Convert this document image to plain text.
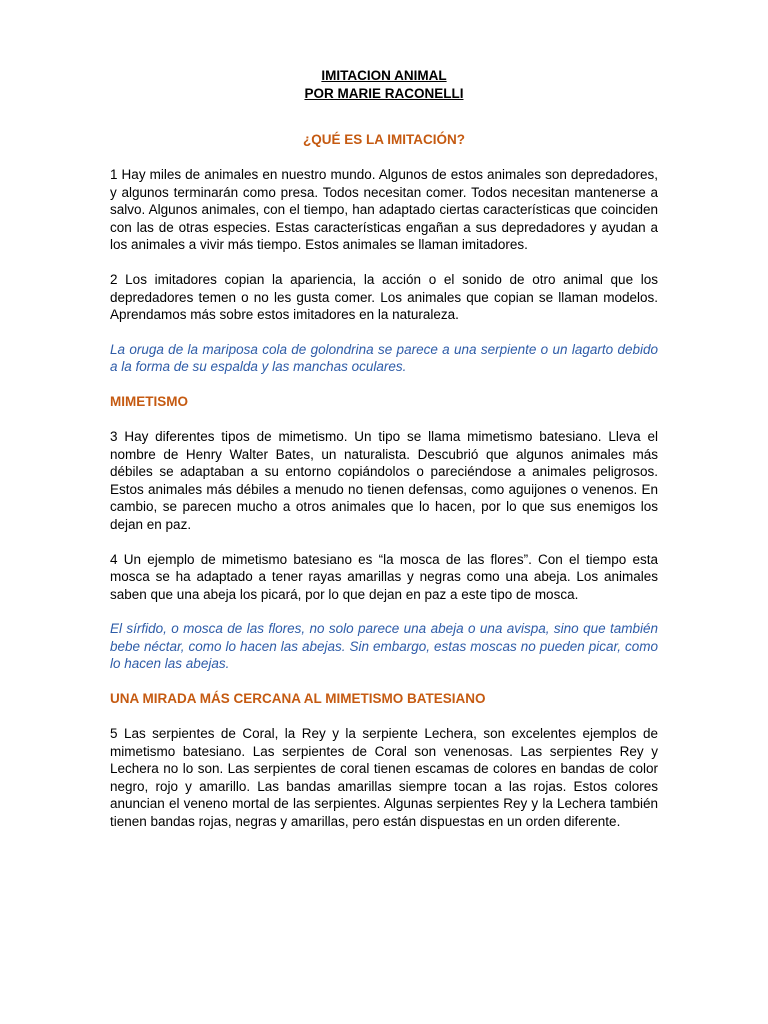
IMITACION ANIMAL
POR MARIE RACONELLI
¿QUÉ ES LA IMITACIÓN?

1 Hay miles de animales en nuestro mundo. Algunos de estos animales son depredadores, y algunos terminarán como presa. Todos necesitan comer. Todos necesitan mantenerse a salvo. Algunos animales, con el tiempo, han adaptado ciertas características que coinciden con las de otras especies. Estas características engañan a sus depredadores y ayudan a los animales a vivir más tiempo. Estos animales se llaman imitadores.

2 Los imitadores copian la apariencia, la acción o el sonido de otro animal que los depredadores temen o no les gusta comer. Los animales que copian se llaman modelos. Aprendamos más sobre estos imitadores en la naturaleza.

La oruga de la mariposa cola de golondrina se parece a una serpiente o un lagarto debido a la forma de su espalda y las manchas oculares.

MIMETISMO

3 Hay diferentes tipos de mimetismo. Un tipo se llama mimetismo batesiano. Lleva el nombre de Henry Walter Bates, un naturalista. Descubrió que algunos animales más débiles se adaptaban a su entorno copiándolos o pareciéndose a animales peligrosos. Estos animales más débiles a menudo no tienen defensas, como aguijones o venenos. En cambio, se parecen mucho a otros animales que lo hacen, por lo que sus enemigos los dejan en paz.

4 Un ejemplo de mimetismo batesiano es “la mosca de las flores”. Con el tiempo esta mosca se ha adaptado a tener rayas amarillas y negras como una abeja. Los animales saben que una abeja los picará, por lo que dejan en paz a este tipo de mosca.

El sírfido, o mosca de las flores, no solo parece una abeja o una avispa, sino que también bebe néctar, como lo hacen las abejas. Sin embargo, estas moscas no pueden picar, como lo hacen las abejas.

UNA MIRADA MÁS CERCANA AL MIMETISMO BATESIANO

5 Las serpientes de Coral, la Rey y la serpiente Lechera, son excelentes ejemplos de mimetismo batesiano. Las serpientes de Coral son venenosas. Las serpientes Rey y Lechera no lo son. Las serpientes de coral tienen escamas de colores en bandas de color negro, rojo y amarillo. Las bandas amarillas siempre tocan a las rojas. Estos colores anuncian el veneno mortal de las serpientes. Algunas serpientes Rey y la Lechera también tienen bandas rojas, negras y amarillas, pero están dispuestas en un orden diferente.
